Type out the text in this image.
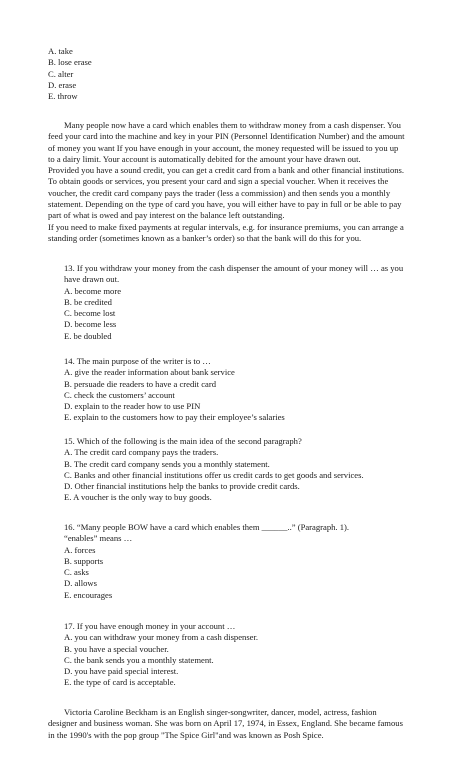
A. take
B. lose erase
C. alter
D. erase
E. throw
Many people now have a card which enables them to withdraw money from a cash dispenser. You
feed your card into the machine and key in your PIN (Personnel Identification Number) and the amount
of money you want If you have enough in your account, the money requested will be issued to you up
to a dairy limit. Your account is automatically debited for the amount your have drawn out.
Provided you have a sound credit, you can get a credit card from a bank and other financial institutions.
To obtain goods or services, you present your card and sign a special voucher. When it receives the
voucher, the credit card company pays the trader (less a commission) and then sends you a monthly
statement. Depending on the type of card you have, you will either have to pay in full or be able to pay
part of what is owed and pay interest on the balance left outstanding.
If you need to make fixed payments at regular intervals, e.g. for insurance premiums, you can arrange a
standing order (sometimes known as a banker’s order) so that the bank will do this for you.
13. If you withdraw your money from the cash dispenser the amount of your money will … as you
have drawn out.
A. become more
B. be credited
C. become lost
D. become less
E. be doubled
14. The main purpose of the writer is to …
A. give the reader information about bank service
B. persuade die readers to have a credit card
C. check the customers’ account
D. explain to the reader how to use PIN
E. explain to the customers how to pay their employee’s salaries
15. Which of the following is the main idea of the second paragraph?
A. The credit card company pays the traders.
B. The credit card company sends you a monthly statement.
C. Banks and other financial institutions offer us credit cards to get goods and services.
D. Other financial institutions help the banks to provide credit cards.
E. A voucher is the only way to buy goods.
16. “Many people BOW have a card which enables them ______..” (Paragraph. 1).
“enables” means …
A. forces
B. supports
C. asks
D. allows
E. encourages
17. If you have enough money in your account …
A. you can withdraw your money from a cash dispenser.
B. you have a special voucher.
C. the bank sends you a monthly statement.
D. you have paid special interest.
E. the type of card is acceptable.
Victoria Caroline Beckham is an English singer-songwriter, dancer, model, actress, fashion
designer and business woman. She was born on April 17, 1974, in Essex, England. She became famous
in the 1990's with the pop group "The Spice Girl"and was known as Posh Spice.
